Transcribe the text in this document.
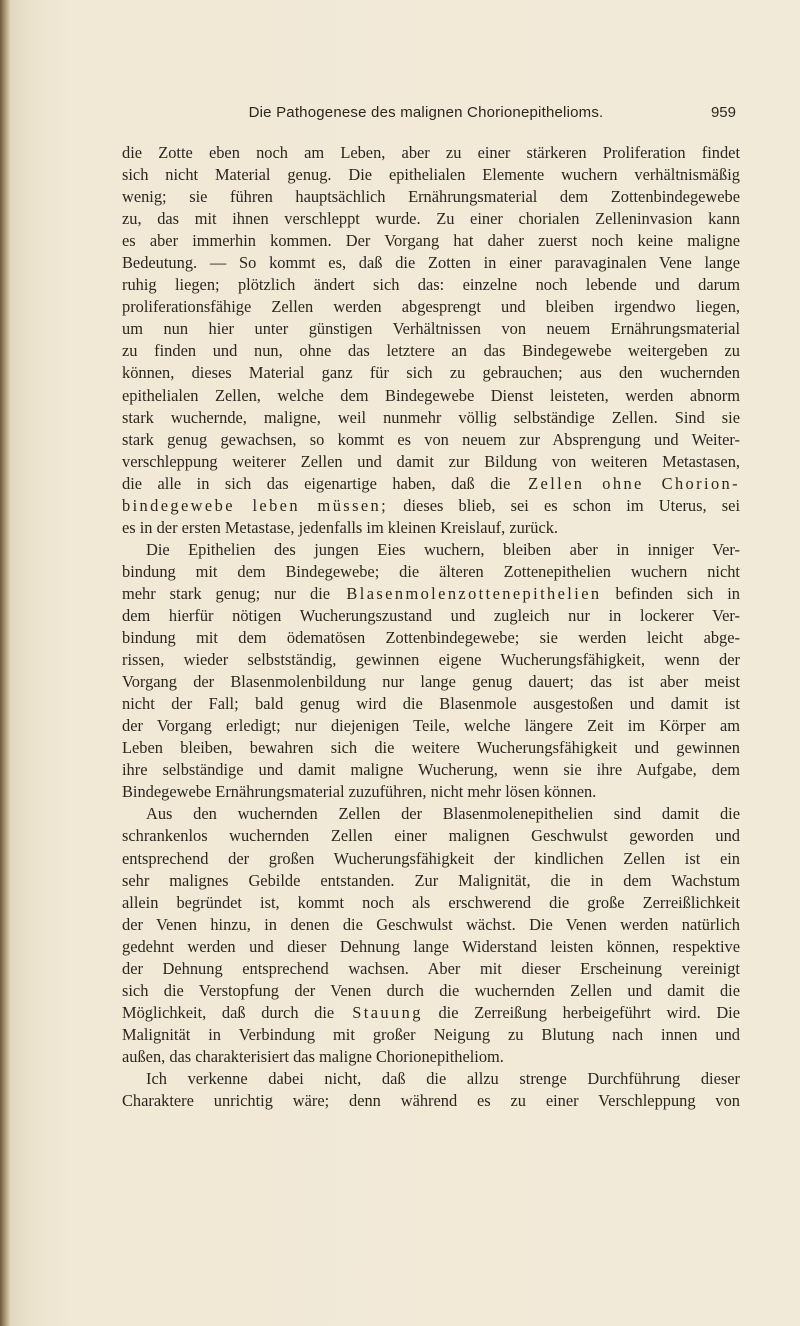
Die Pathogenese des malignen Chorionepithelioms.	959
die Zotte eben noch am Leben, aber zu einer stärkeren Proliferation findet
sich nicht Material genug. Die epithelialen Elemente wuchern verhältnismäßig
wenig; sie führen hauptsächlich Ernährungsmaterial dem Zottenbindegewebe
zu, das mit ihnen verschleppt wurde. Zu einer chorialen Zelleninvasion kann
es aber immerhin kommen. Der Vorgang hat daher zuerst noch keine maligne
Bedeutung. — So kommt es, daß die Zotten in einer paravaginalen Vene lange
ruhig liegen; plötzlich ändert sich das: einzelne noch lebende und darum
proliferationsfähige Zellen werden abgesprengt und bleiben irgendwo liegen,
um nun hier unter günstigen Verhältnissen von neuem Ernährungsmaterial
zu finden und nun, ohne das letztere an das Bindegewebe weitergeben zu
können, dieses Material ganz für sich zu gebrauchen; aus den wuchernden
epithelialen Zellen, welche dem Bindegewebe Dienst leisteten, werden abnorm
stark wuchernde, maligne, weil nunmehr völlig selbständige Zellen. Sind sie
stark genug gewachsen, so kommt es von neuem zur Absprengung und Weiter-
verschleppung weiterer Zellen und damit zur Bildung von weiteren Metastasen,
die alle in sich das eigenartige haben, daß die Zellen ohne Chorion-
bindegewebe leben müssen; dieses blieb, sei es schon im Uterus, sei
es in der ersten Metastase, jedenfalls im kleinen Kreislauf, zurück.
Die Epithelien des jungen Eies wuchern, bleiben aber in inniger Ver-
bindung mit dem Bindegewebe; die älteren Zottenepithelien wuchern nicht
mehr stark genug; nur die Blasenmolenzottenepithelien befinden sich in
dem hierfür nötigen Wucherungszustand und zugleich nur in lockerer Ver-
bindung mit dem ödematösen Zottenbindegewebe; sie werden leicht abge-
rissen, wieder selbstständig, gewinnen eigene Wucherungsfähigkeit, wenn der
Vorgang der Blasenmolenbildung nur lange genug dauert; das ist aber meist
nicht der Fall; bald genug wird die Blasenmole ausgestoßen und damit ist
der Vorgang erledigt; nur diejenigen Teile, welche längere Zeit im Körper am
Leben bleiben, bewahren sich die weitere Wucherungsfähigkeit und gewinnen
ihre selbständige und damit maligne Wucherung, wenn sie ihre Aufgabe, dem
Bindegewebe Ernährungsmaterial zuzuführen, nicht mehr lösen können.
Aus den wuchernden Zellen der Blasenmolenepithelien sind damit die
schrankenlos wuchernden Zellen einer malignen Geschwulst geworden und
entsprechend der großen Wucherungsfähigkeit der kindlichen Zellen ist ein
sehr malignes Gebilde entstanden. Zur Malignität, die in dem Wachstum
allein begründet ist, kommt noch als erschwerend die große Zerreißlichkeit
der Venen hinzu, in denen die Geschwulst wächst. Die Venen werden natürlich
gedehnt werden und dieser Dehnung lange Widerstand leisten können, respektive
der Dehnung entsprechend wachsen. Aber mit dieser Erscheinung vereinigt
sich die Verstopfung der Venen durch die wuchernden Zellen und damit die
Möglichkeit, daß durch die Stauung die Zerreißung herbeigeführt wird. Die
Malignität in Verbindung mit großer Neigung zu Blutung nach innen und
außen, das charakterisiert das maligne Chorionepitheliom.
Ich verkenne dabei nicht, daß die allzu strenge Durchführung dieser
Charaktere unrichtig wäre; denn während es zu einer Verschleppung von
